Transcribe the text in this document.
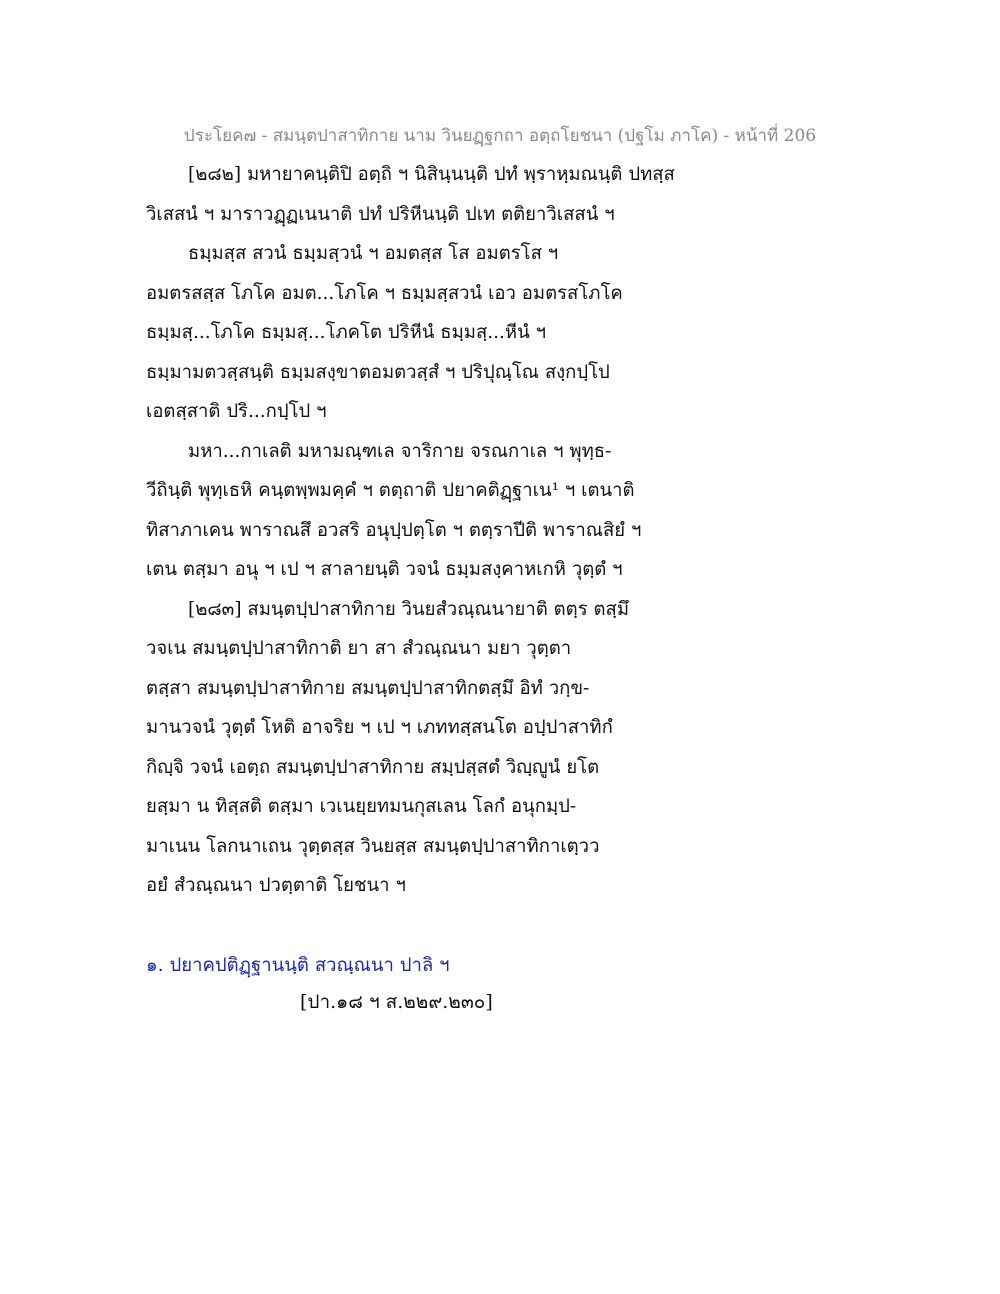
ประโยค๗ - สมนฺตปาสาทิกาย นาม วินยฏฺฐกถา อตฺถโยชนา (ปฐโม ภาโค) - หน้าที่ 206
[๒๘๒] มหายาคนฺติปิ อตฺถิ ฯ นิสินฺนนฺติ ปทํ พฺราหฺมณนฺติ ปทสฺส
วิเสสนํ ฯ มาราวฏฺฏเนนาติ ปทํ ปริหีนนฺติ ปเท ตติยาวิเสสนํ ฯ
ธมฺมสฺส สวนํ ธมฺมสฺวนํ ฯ อมตสฺส โส อมตรโส ฯ
อมตรสสฺส โภโค อมต...โภโค ฯ ธมฺมสฺสวนํ เอว อมตรสโภโค
ธมฺมสฺ...โภโค ธมฺมสฺ...โภคโต ปริหีนํ ธมฺมสฺ...หีนํ ฯ
ธมฺมามตวสฺสนฺติ ธมฺมสงฺขาตอมตวสฺสํ ฯ ปริปุณฺโณ สงฺกปฺโป
เอตสฺสาติ ปริ...กปฺโป ฯ
มหา...กาเลติ มหามณฺฑเล จาริกาย จรณกาเล ฯ พุทฺธ-
วีถินฺติ พุทฺเธหิ คนฺตพฺพมคฺคํ ฯ ตตฺถาติ ปยาคติฏฺฐาเน¹ ฯ เตนาติ
ทิสาภาเคน พาราณสึ อวสริ อนุปฺปตฺโต ฯ ตตฺราปีติ พาราณสิยํ ฯ
เตน ตสฺมา อนุ ฯ เป ฯ สาลายนฺติ วจนํ ธมฺมสงฺคาหเกหิ วุตฺตํ ฯ
[๒๘๓] สมนฺตปฺปาสาทิกาย วินยสํวณฺณนายาติ ตตฺร ตสฺมึ
วจเน สมนฺตปฺปาสาทิกาติ ยา สา สํวณฺณนา มยา วุตฺตา
ตสฺสา สมนฺตปฺปาสาทิกาย สมนฺตปฺปาสาทิกตสฺมึ อิทํ วกฺข-
มานวจนํ วุตฺตํ โหติ อาจริย ฯ เป ฯ เภททสฺสนโต อปฺปาสาทิกํ
กิญฺจิ วจนํ เอตฺถ สมนฺตปฺปาสาทิกาย สมฺปสฺสตํ วิญฺญูนํ ยโต
ยสฺมา น ทิสฺสติ ตสฺมา เวเนยฺยทมนกุสเลน โลกํ อนุกมฺป-
มาเนน โลกนาเถน วุตฺตสฺส วินยสฺส สมนฺตปฺปาสาทิกาเตฺวว
อยํ สํวณฺณนา ปวตฺตาติ โยชนา ฯ
๑. ปยาคปติฏฺฐานนฺติ สวณฺณนา ปาลิ ฯ
[ปา.๑๘ ฯ ส.๒๒๙.๒๓๐]
